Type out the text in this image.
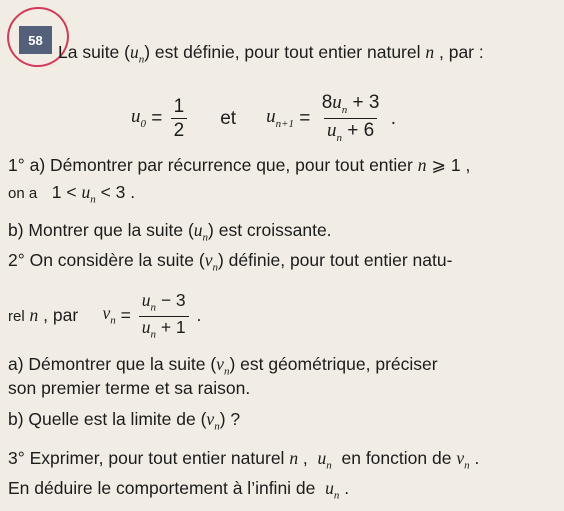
58
La suite $(u_n)$ est définie, pour tout entier naturel n , par :
$u_0 = \frac{1}{2}$ et $u_{n+1} = \frac{8u_n + 3}{u_n + 6}$ .
1° a) Démontrer par récurrence que, pour tout entier n ⩾ 1 ,
on a   $1 < u_n < 3$ .
b) Montrer que la suite $(u_n)$ est croissante.
2° On considère la suite $(v_n)$ définie, pour tout entier natu-
rel
n , par $v_n = \frac{u_n - 3}{u_n + 1}$ .
a) Démontrer que la suite $(v_n)$ est géométrique, préciser
son premier terme et sa raison.
b) Quelle est la limite de $(v_n)$ ?
3° Exprimer, pour tout entier naturel n ,  $u_n$  en fonction de $v_n$ .
En déduire le comportement à l’infini de  $u_n$ .
